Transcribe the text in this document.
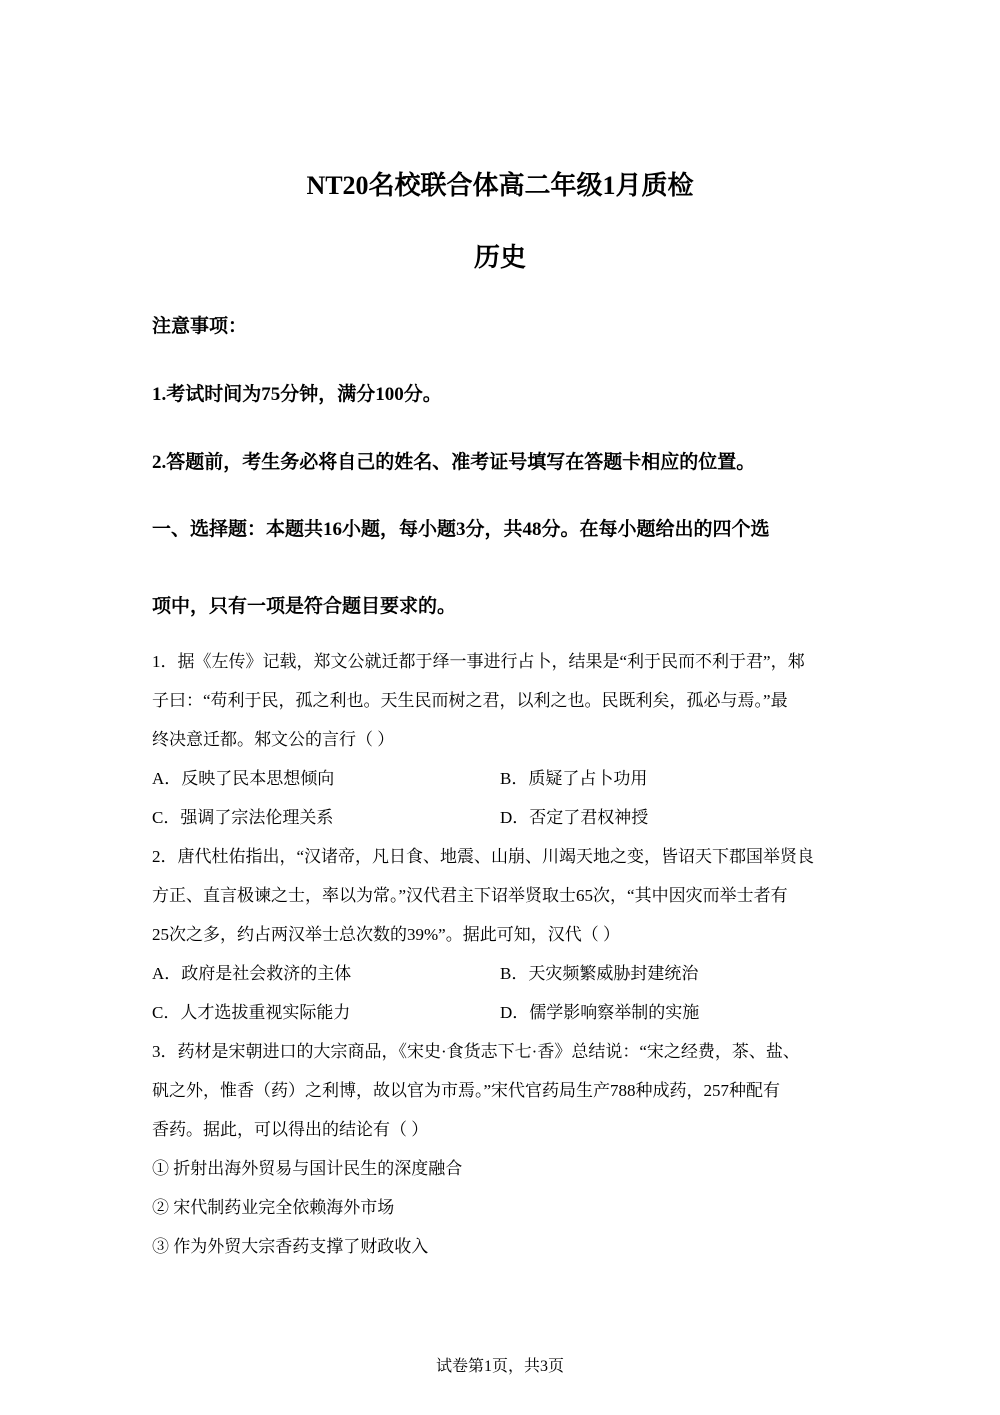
NT20名校联合体高二年级1月质检
历史
注意事项：
1.考试时间为75分钟，满分100分。
2.答题前，考生务必将自己的姓名、准考证号填写在答题卡相应的位置。
一、选择题：本题共16小题，每小题3分，共48分。在每小题给出的四个选
项中，只有一项是符合题目要求的。
1．据《左传》记载，郑文公就迁都于绎一事进行占卜，结果是“利于民而不利于君”，邾
子曰：“苟利于民，孤之利也。天生民而树之君，以利之也。民既利矣，孤必与焉。”最
终决意迁都。邾文公的言行（ ）
A．反映了民本思想倾向	B．质疑了占卜功用
C．强调了宗法伦理关系	D．否定了君权神授
2．唐代杜佑指出，“汉诸帝，凡日食、地震、山崩、川竭天地之变，皆诏天下郡国举贤良
方正、直言极谏之士，率以为常。”汉代君主下诏举贤取士65次，“其中因灾而举士者有
25次之多，约占两汉举士总次数的39%”。据此可知，汉代（ ）
A．政府是社会救济的主体	B．天灾频繁威胁封建统治
C．人才选拔重视实际能力	D．儒学影响察举制的实施
3．药材是宋朝进口的大宗商品，《宋史·食货志下七·香》总结说：“宋之经费，茶、盐、
矾之外，惟香（药）之利博，故以官为市焉。”宋代官药局生产788种成药，257种配有
香药。据此，可以得出的结论有（ ）
① 折射出海外贸易与国计民生的深度融合
② 宋代制药业完全依赖海外市场
③ 作为外贸大宗香药支撑了财政收入
试卷第1页，共3页
